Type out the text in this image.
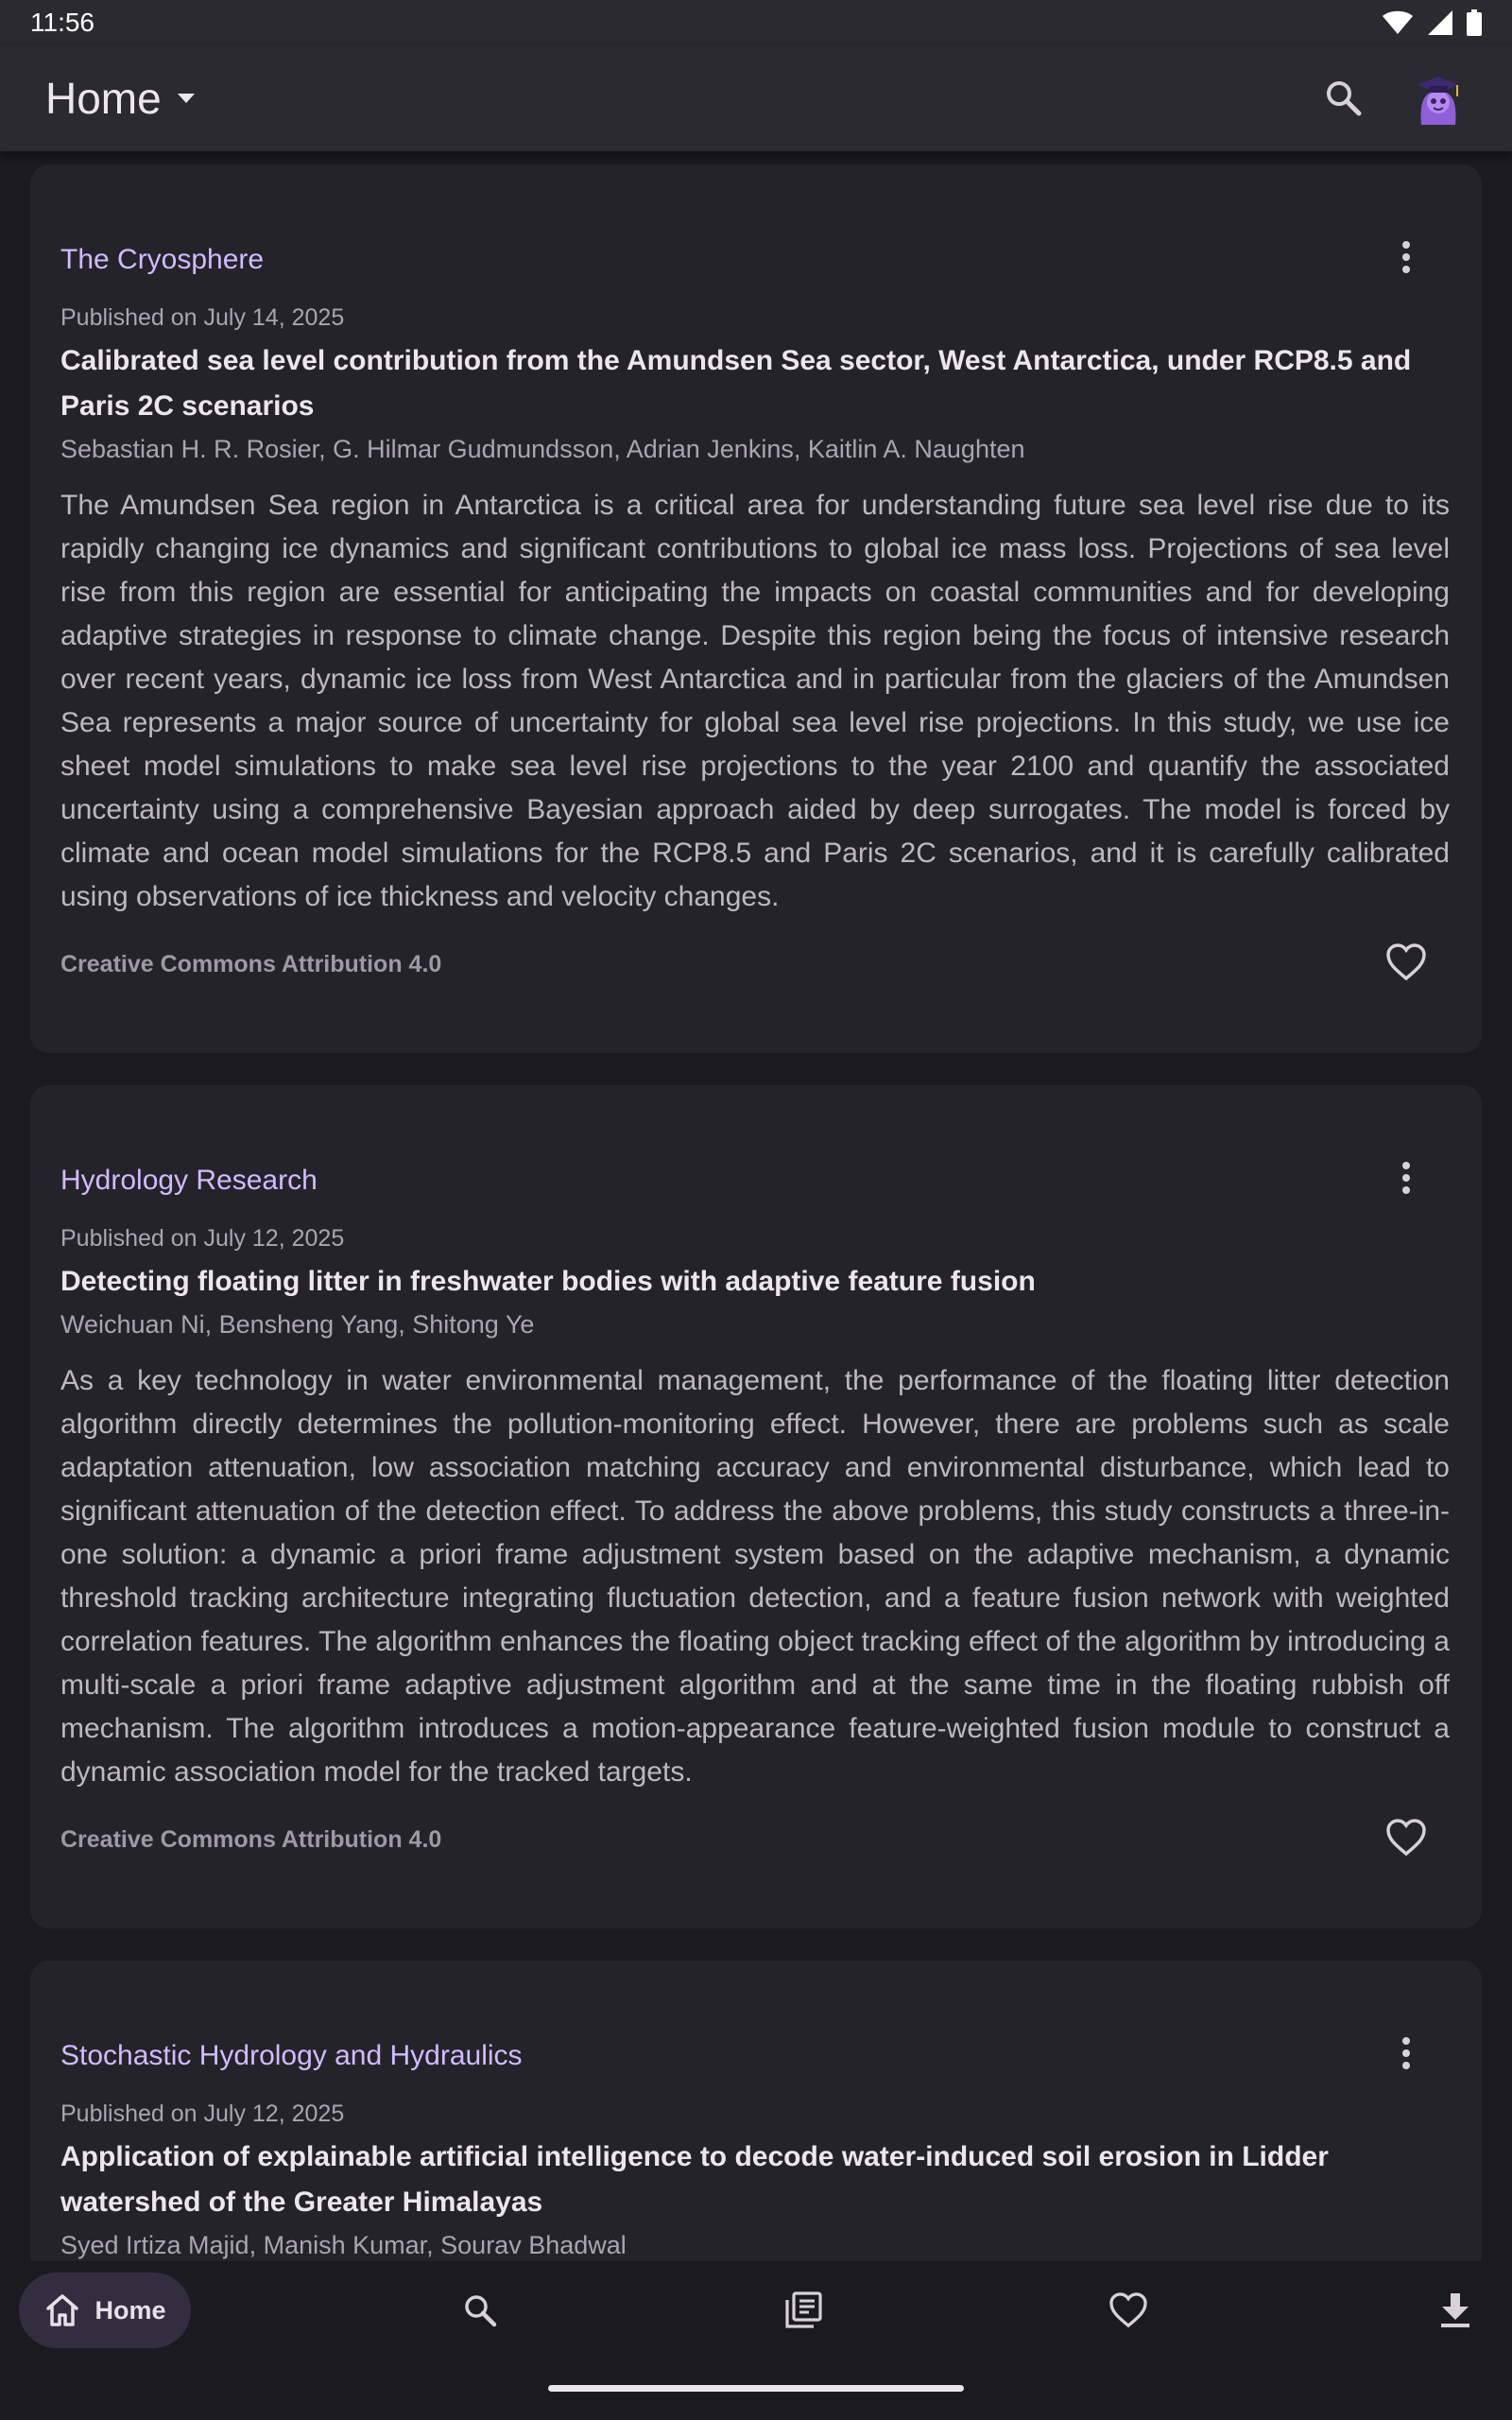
11:56
Home
The Cryosphere
Published on July 14, 2025
Calibrated sea level contribution from the Amundsen Sea sector, West Antarctica, under RCP8.5 and Paris 2C scenarios
Sebastian H. R. Rosier, G. Hilmar Gudmundsson, Adrian Jenkins, Kaitlin A. Naughten
The Amundsen Sea region in Antarctica is a critical area for understanding future sea level rise due to its rapidly changing ice dynamics and significant contributions to global ice mass loss. Projections of sea level rise from this region are essential for anticipating the impacts on coastal communities and for developing adaptive strategies in response to climate change. Despite this region being the focus of intensive research over recent years, dynamic ice loss from West Antarctica and in particular from the glaciers of the Amundsen Sea represents a major source of uncertainty for global sea level rise projections. In this study, we use ice sheet model simulations to make sea level rise projections to the year 2100 and quantify the associated uncertainty using a comprehensive Bayesian approach aided by deep surrogates. The model is forced by climate and ocean model simulations for the RCP8.5 and Paris 2C scenarios, and it is carefully calibrated using observations of ice thickness and velocity changes.
Creative Commons Attribution 4.0
Hydrology Research
Published on July 12, 2025
Detecting floating litter in freshwater bodies with adaptive feature fusion
Weichuan Ni, Bensheng Yang, Shitong Ye
As a key technology in water environmental management, the performance of the floating litter detection algorithm directly determines the pollution-monitoring effect. However, there are problems such as scale adaptation attenuation, low association matching accuracy and environmental disturbance, which lead to significant attenuation of the detection effect. To address the above problems, this study constructs a three-in-one solution: a dynamic a priori frame adjustment system based on the adaptive mechanism, a dynamic threshold tracking architecture integrating fluctuation detection, and a feature fusion network with weighted correlation features. The algorithm enhances the floating object tracking effect of the algorithm by introducing a multi-scale a priori frame adaptive adjustment algorithm and at the same time in the floating rubbish off mechanism. The algorithm introduces a motion-appearance feature-weighted fusion module to construct a dynamic association model for the tracked targets.
Creative Commons Attribution 4.0
Stochastic Hydrology and Hydraulics
Published on July 12, 2025
Application of explainable artificial intelligence to decode water-induced soil erosion in Lidder watershed of the Greater Himalayas
Syed Irtiza Majid, Manish Kumar, Sourav Bhadwal
Home
